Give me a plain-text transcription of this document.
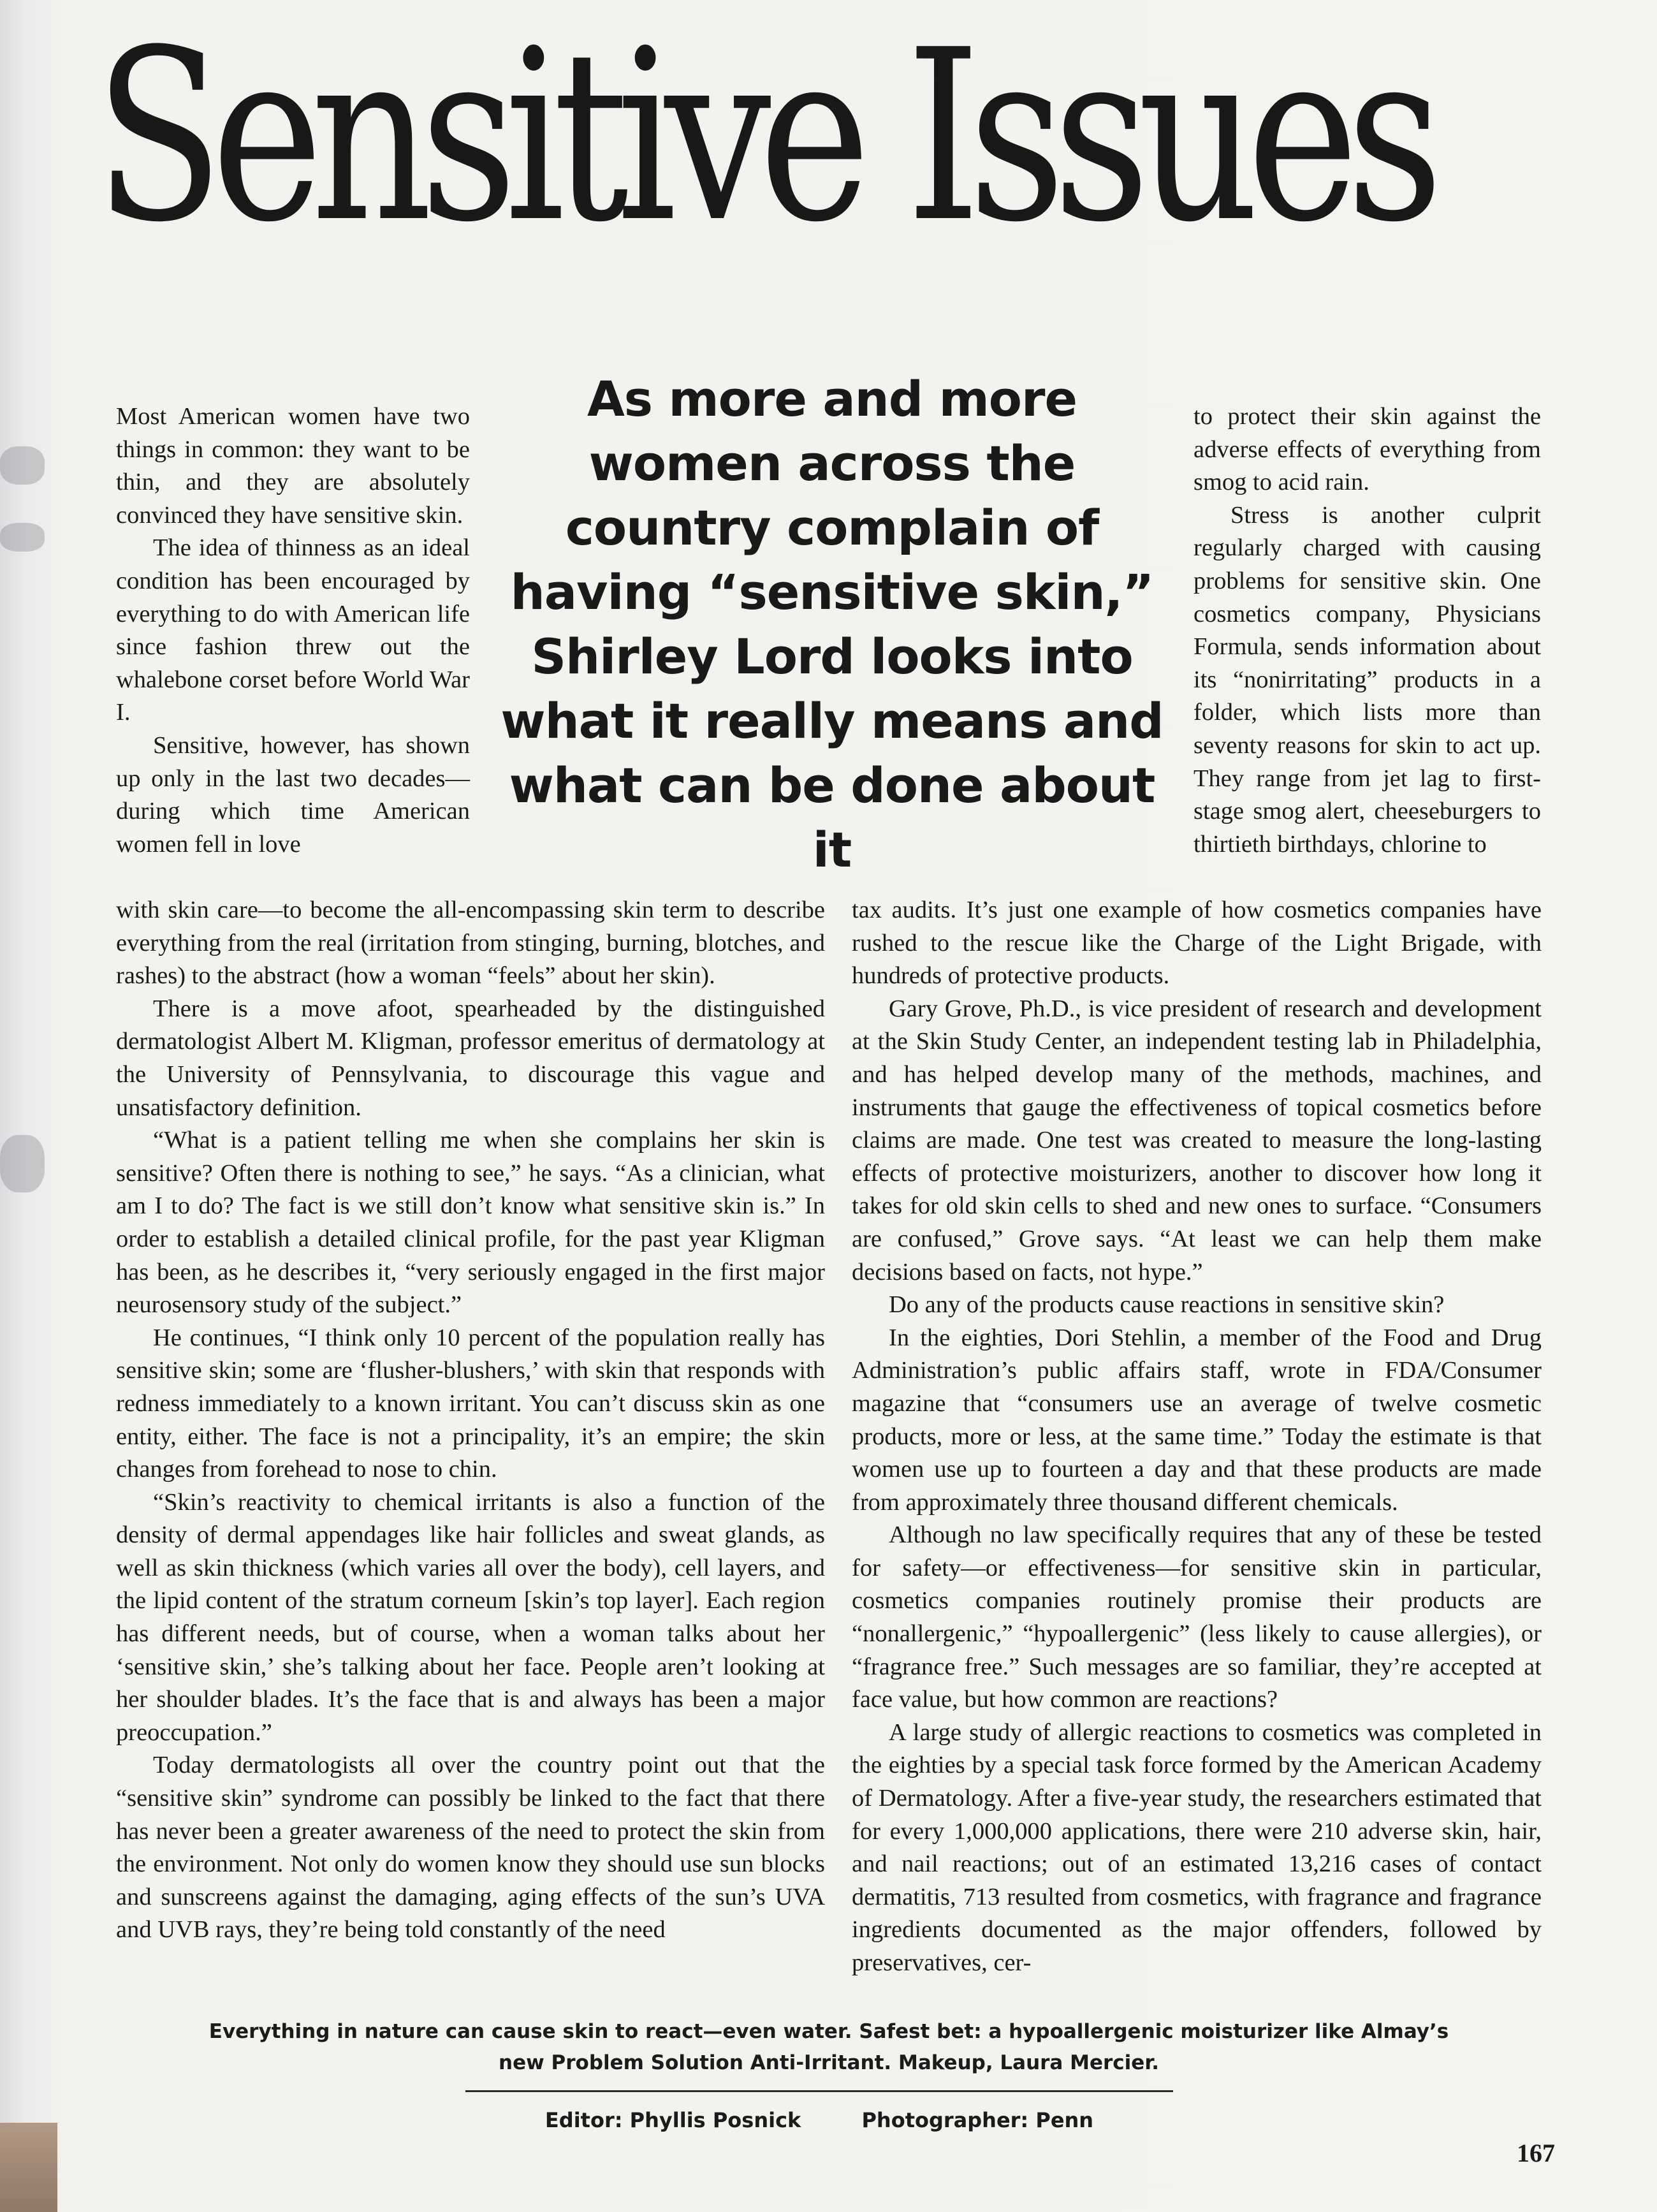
Sensitive Issues
As more and more women across the country complain of having “sensitive skin,” Shirley Lord looks into what it really means and what can be done about it

Most American women have two things in common: they want to be thin, and they are absolutely convinced they have sensitive skin.

The idea of thinness as an ideal condition has been encouraged by everything to do with American life since fashion threw out the whalebone corset before World War I.

Sensitive, however, has shown up only in the last two decades—during which time American women fell in love

to protect their skin against the adverse effects of everything from smog to acid rain.

Stress is another culprit regularly charged with causing problems for sensitive skin. One cosmetics company, Physicians Formula, sends information about its “nonirritating” products in a folder, which lists more than seventy reasons for skin to act up. They range from jet lag to first-stage smog alert, cheeseburgers to thirtieth birthdays, chlorine to

with skin care—to become the all-encompassing skin term to describe everything from the real (irritation from stinging, burning, blotches, and rashes) to the abstract (how a woman “feels” about her skin).

There is a move afoot, spearheaded by the distinguished dermatologist Albert M. Kligman, professor emeritus of dermatology at the University of Pennsylvania, to discourage this vague and unsatisfactory definition.

“What is a patient telling me when she complains her skin is sensitive? Often there is nothing to see,” he says. “As a clinician, what am I to do? The fact is we still don’t know what sensitive skin is.” In order to establish a detailed clinical profile, for the past year Kligman has been, as he describes it, “very seriously engaged in the first major neurosensory study of the subject.”

He continues, “I think only 10 percent of the population really has sensitive skin; some are ‘flusher-blushers,’ with skin that responds with redness immediately to a known irritant. You can’t discuss skin as one entity, either. The face is not a principality, it’s an empire; the skin changes from forehead to nose to chin.

“Skin’s reactivity to chemical irritants is also a function of the density of dermal appendages like hair follicles and sweat glands, as well as skin thickness (which varies all over the body), cell layers, and the lipid content of the stratum corneum [skin’s top layer]. Each region has different needs, but of course, when a woman talks about her ‘sensitive skin,’ she’s talking about her face. People aren’t looking at her shoulder blades. It’s the face that is and always has been a major preoccupation.”

Today dermatologists all over the country point out that the “sensitive skin” syndrome can possibly be linked to the fact that there has never been a greater awareness of the need to protect the skin from the environment. Not only do women know they should use sun blocks and sunscreens against the damaging, aging effects of the sun’s UVA and UVB rays, they’re being told constantly of the need

tax audits. It’s just one example of how cosmetics companies have rushed to the rescue like the Charge of the Light Brigade, with hundreds of protective products.

Gary Grove, Ph.D., is vice president of research and development at the Skin Study Center, an independent testing lab in Philadelphia, and has helped develop many of the methods, machines, and instruments that gauge the effectiveness of topical cosmetics before claims are made. One test was created to measure the long-lasting effects of protective moisturizers, another to discover how long it takes for old skin cells to shed and new ones to surface. “Consumers are confused,” Grove says. “At least we can help them make decisions based on facts, not hype.”

Do any of the products cause reactions in sensitive skin?

In the eighties, Dori Stehlin, a member of the Food and Drug Administration’s public affairs staff, wrote in FDA/Consumer magazine that “consumers use an average of twelve cosmetic products, more or less, at the same time.” Today the estimate is that women use up to fourteen a day and that these products are made from approximately three thousand different chemicals.

Although no law specifically requires that any of these be tested for safety—or effectiveness—for sensitive skin in particular, cosmetics companies routinely promise their products are “nonallergenic,” “hypoallergenic” (less likely to cause allergies), or “fragrance free.” Such messages are so familiar, they’re accepted at face value, but how common are reactions?

A large study of allergic reactions to cosmetics was completed in the eighties by a special task force formed by the American Academy of Dermatology. After a five-year study, the researchers estimated that for every 1,000,000 applications, there were 210 adverse skin, hair, and nail reactions; out of an estimated 13,216 cases of contact dermatitis, 713 resulted from cosmetics, with fragrance and fragrance ingredients documented as the major offenders, followed by preservatives, cer-

Everything in nature can cause skin to react—even water. Safest bet: a hypoallergenic moisturizer like Almay’s new Problem Solution Anti-Irritant. Makeup, Laura Mercier.

Editor: Phyllis Posnick	Photographer: Penn
167
